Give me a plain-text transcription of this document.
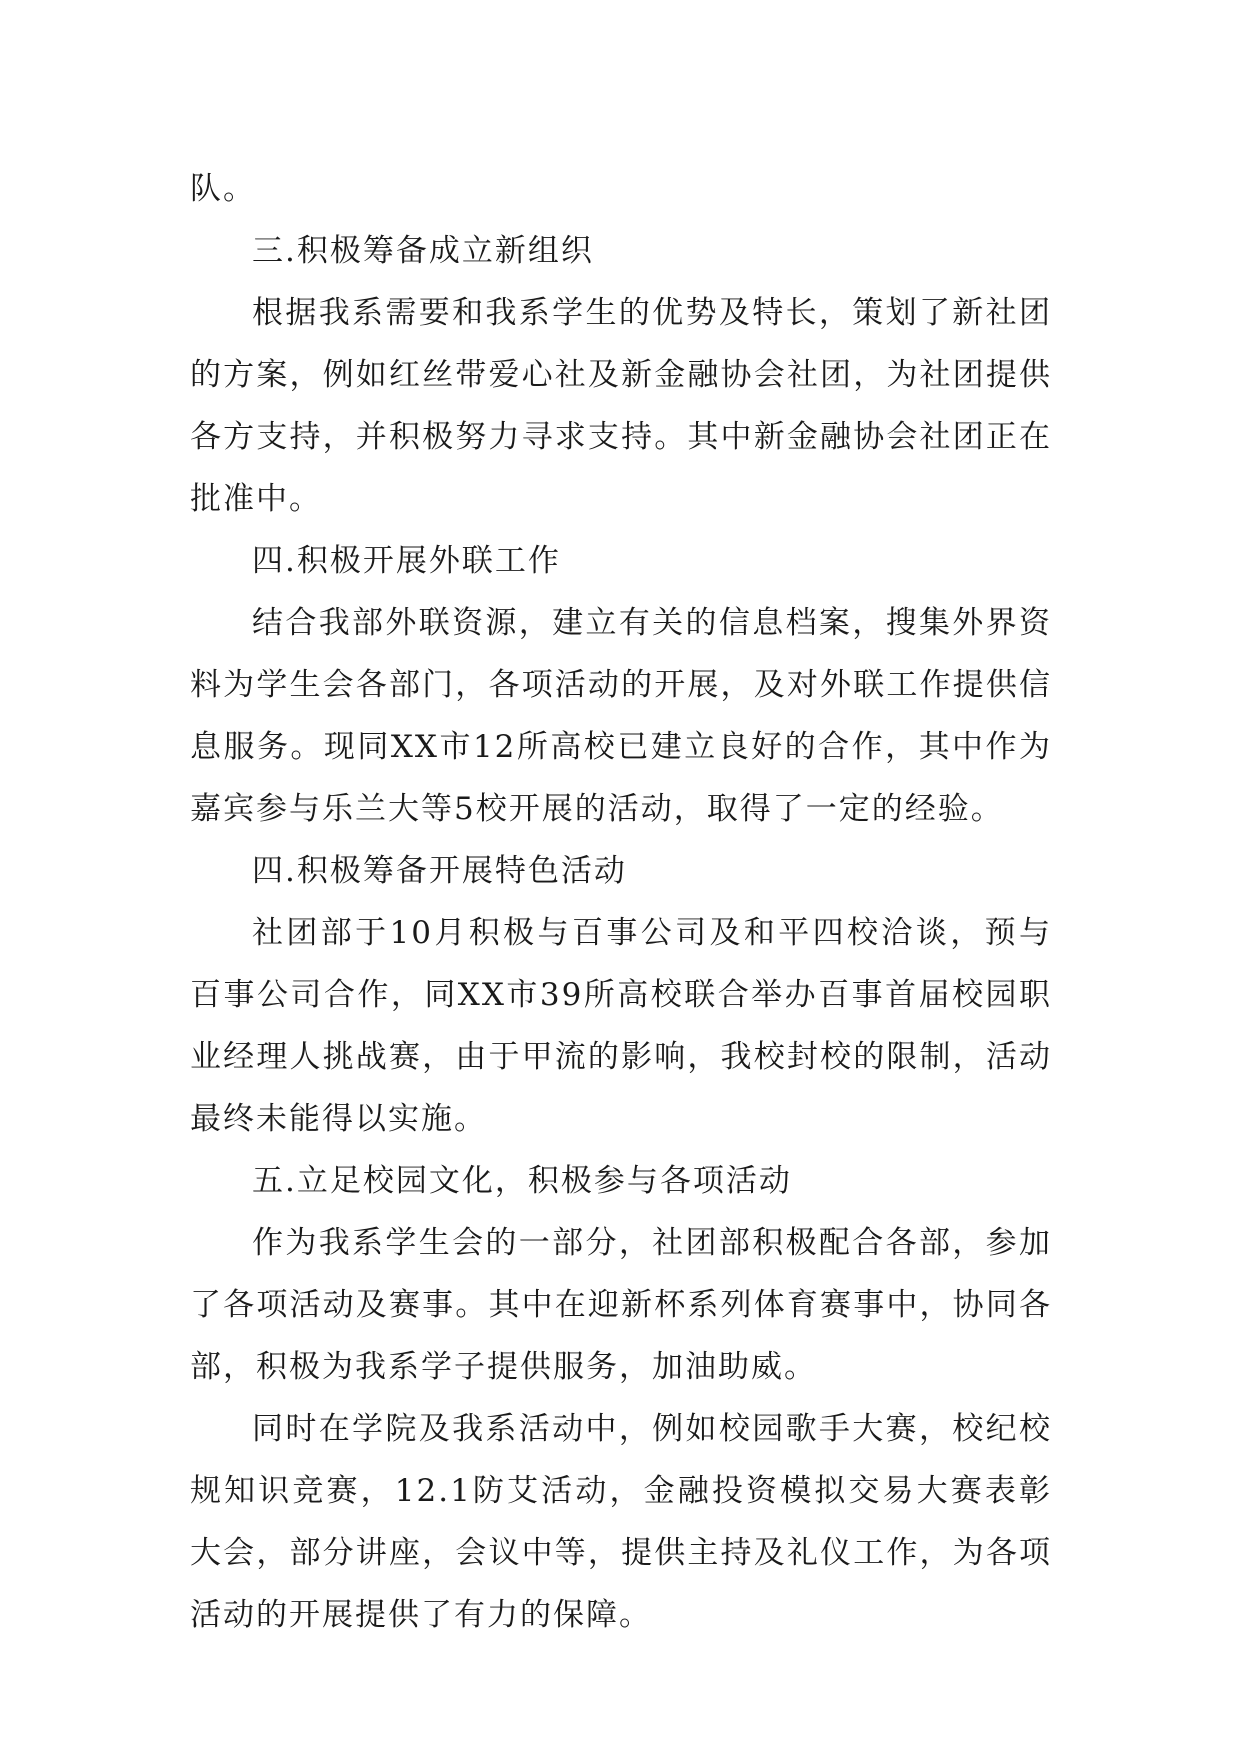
队。

三.积极筹备成立新组织

根据我系需要和我系学生的优势及特长，策划了新社团的方案，例如红丝带爱心社及新金融协会社团，为社团提供各方支持，并积极努力寻求支持。其中新金融协会社团正在批准中。

四.积极开展外联工作

结合我部外联资源，建立有关的信息档案，搜集外界资料为学生会各部门，各项活动的开展，及对外联工作提供信息服务。现同XX市12所高校已建立良好的合作，其中作为嘉宾参与乐兰大等5校开展的活动，取得了一定的经验。

四.积极筹备开展特色活动

社团部于10月积极与百事公司及和平四校洽谈，预与百事公司合作，同XX市39所高校联合举办百事首届校园职业经理人挑战赛，由于甲流的影响，我校封校的限制，活动最终未能得以实施。

五.立足校园文化，积极参与各项活动

作为我系学生会的一部分，社团部积极配合各部，参加了各项活动及赛事。其中在迎新杯系列体育赛事中，协同各部，积极为我系学子提供服务，加油助威。

同时在学院及我系活动中，例如校园歌手大赛，校纪校规知识竞赛，12.1防艾活动，金融投资模拟交易大赛表彰大会，部分讲座，会议中等，提供主持及礼仪工作，为各项活动的开展提供了有力的保障。
